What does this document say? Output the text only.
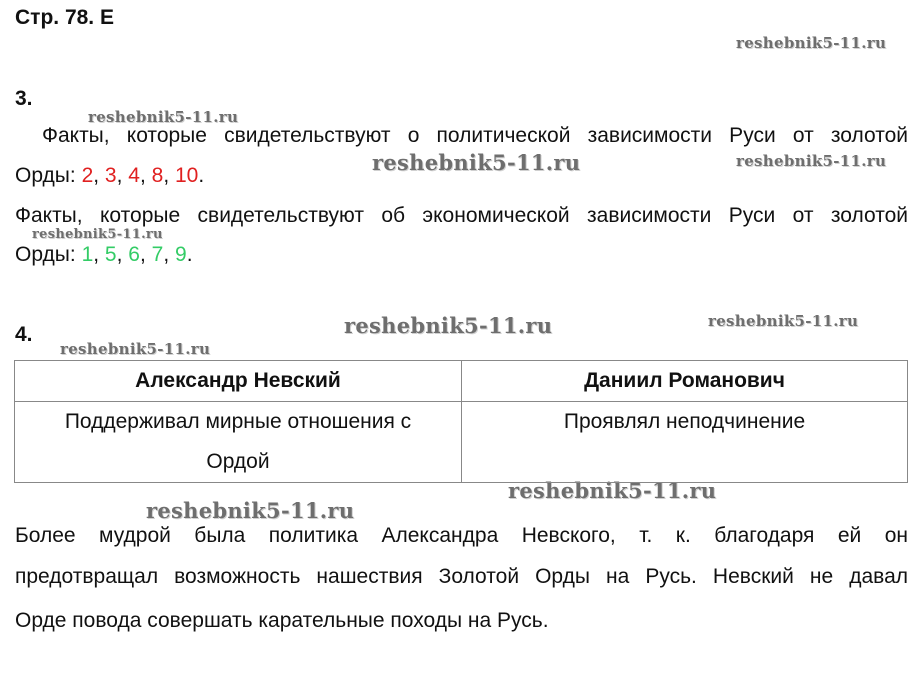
Стр. 78. Е
reshebnik5-11.ru
reshebnik5-11.ru
reshebnik5-11.ru	reshebnik5-11.ru
reshebnik5-11.ru
reshebnik5-11.ru	reshebnik5-11.ru
reshebnik5-11.ru
reshebnik5-11.ru
reshebnik5-11.ru
3.
Факты, которые свидетельствуют о политической зависимости Руси от золотой
Орды: 2, 3, 4, 8, 10.
Факты, которые свидетельствуют об экономической зависимости Руси от золотой
Орды: 1, 5, 6, 7, 9.
4.
Александр Невский	Даниил Романович
Поддерживал мирные отношения с Ордой	Проявлял неподчинение
Более мудрой была политика Александра Невского, т. к. благодаря ей он
предотвращал возможность нашествия Золотой Орды на Русь. Невский не давал
Орде повода совершать карательные походы на Русь.
